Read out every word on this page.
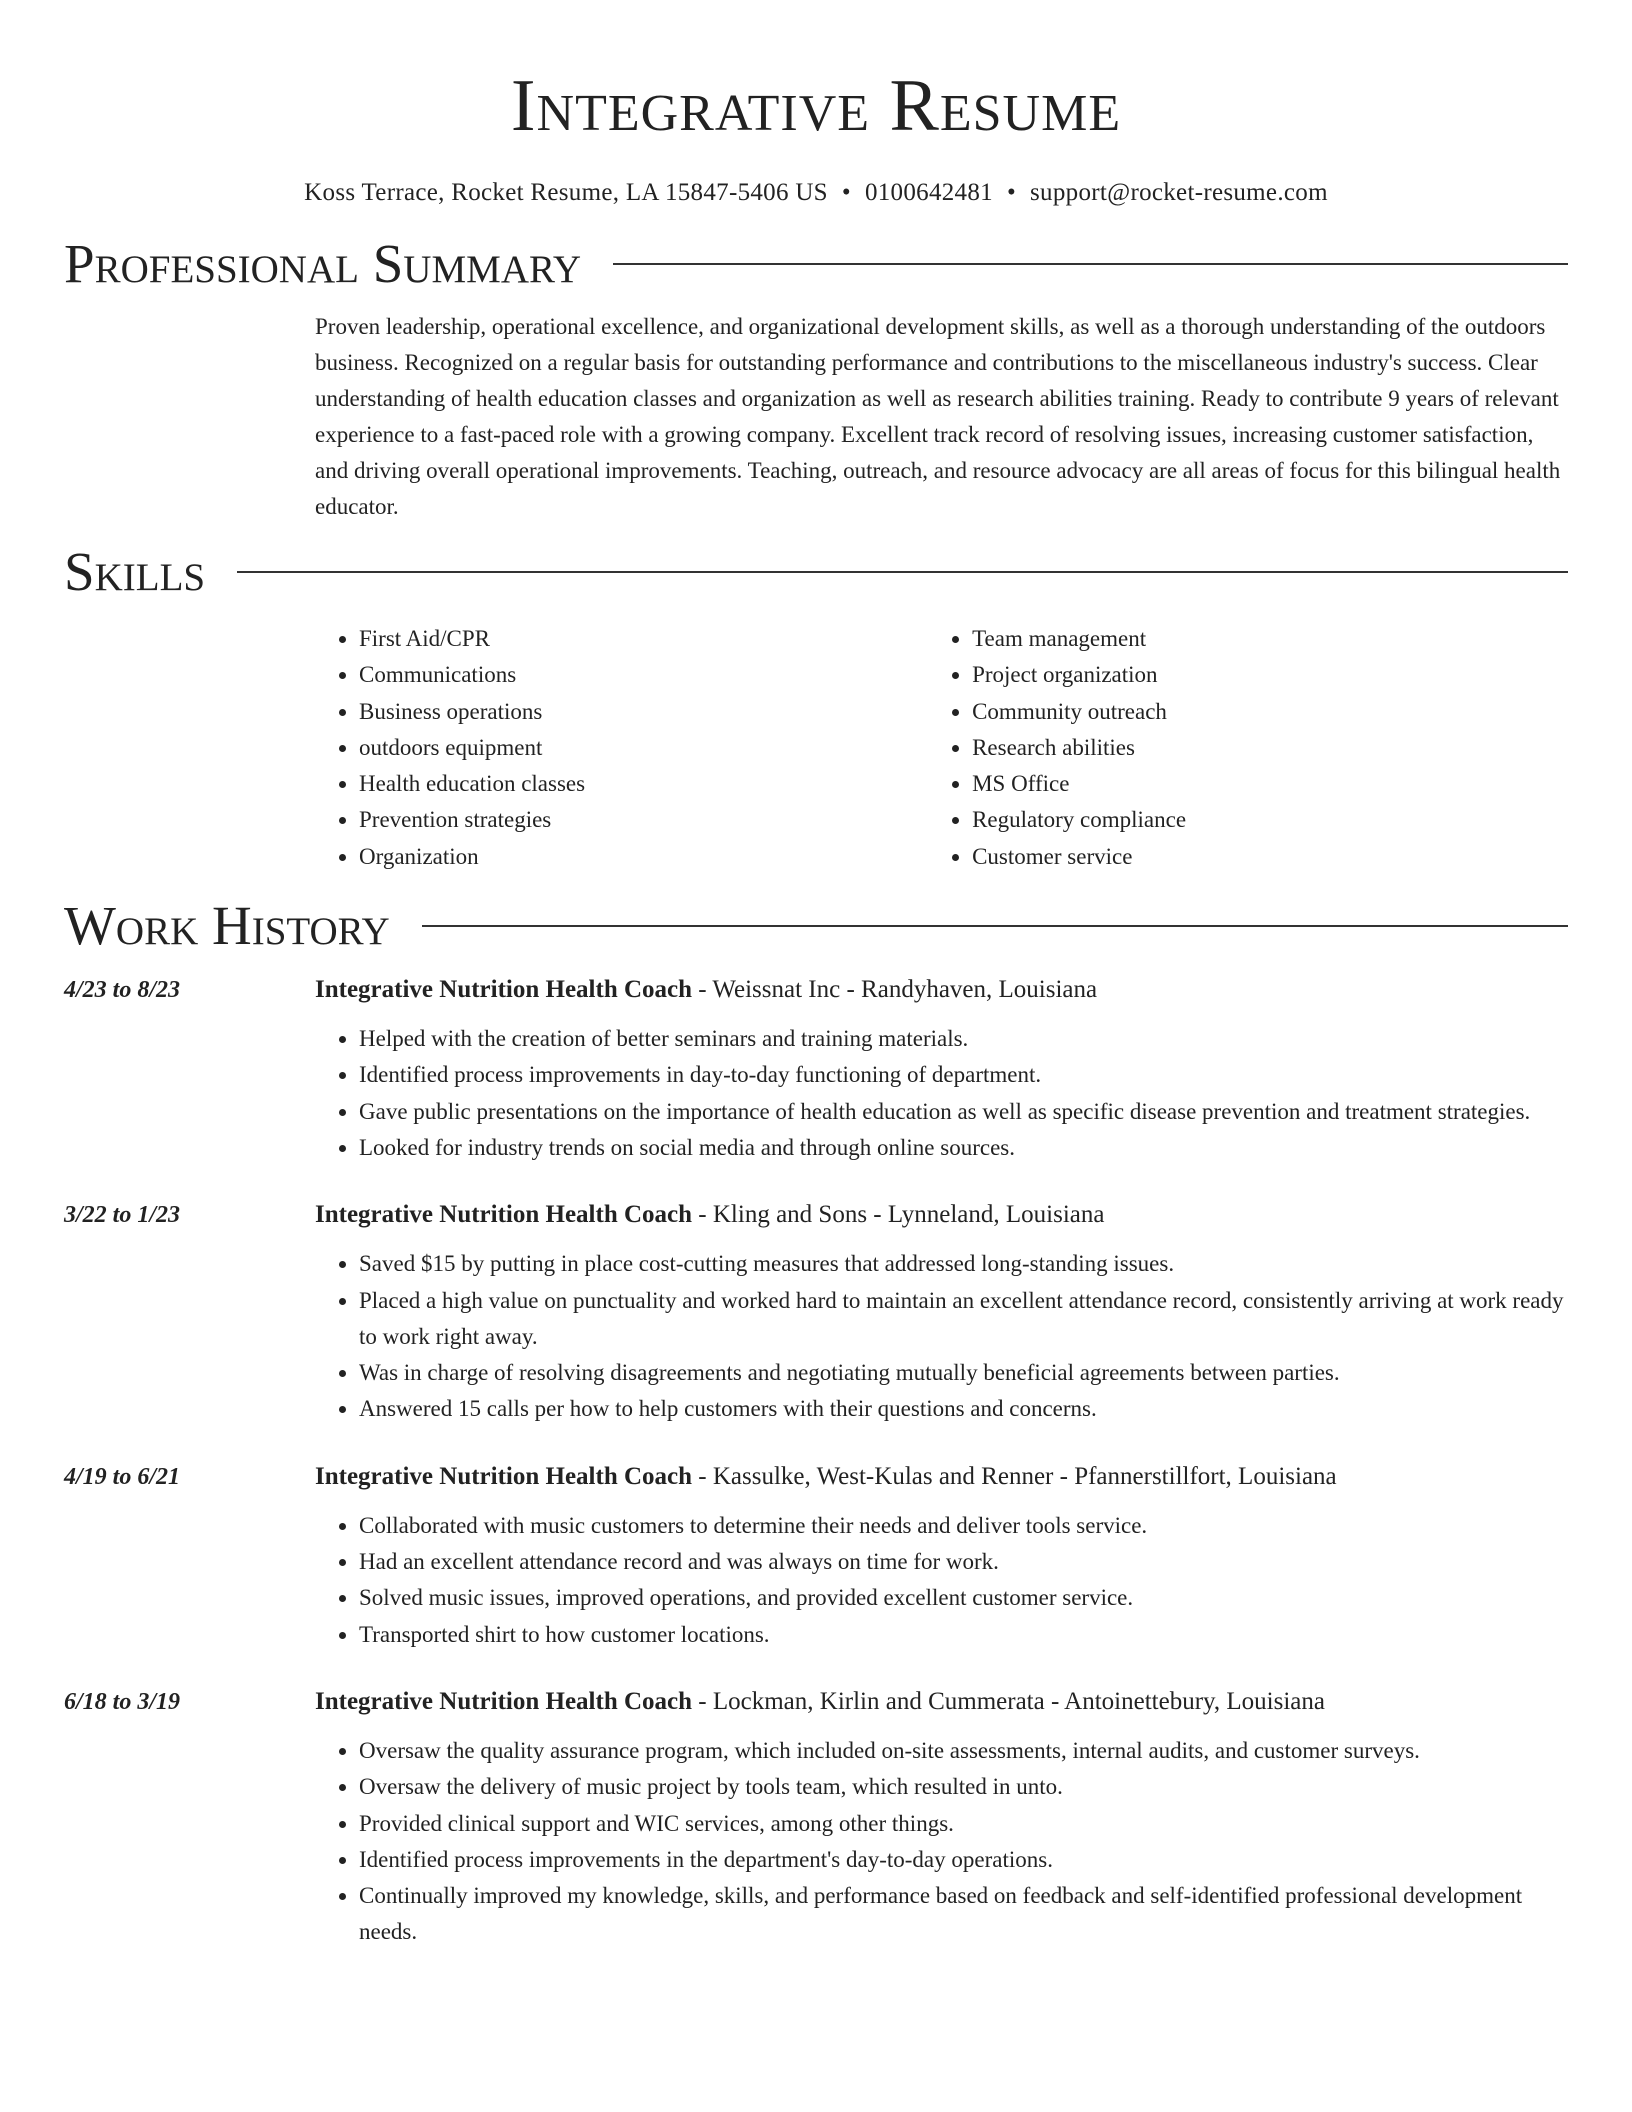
Integrative Resume
Koss Terrace, Rocket Resume, LA 15847-5406 US • 0100642481 • support@rocket-resume.com
Professional Summary
Proven leadership, operational excellence, and organizational development skills, as well as a thorough understanding of the outdoors business. Recognized on a regular basis for outstanding performance and contributions to the miscellaneous industry's success. Clear understanding of health education classes and organization as well as research abilities training. Ready to contribute 9 years of relevant experience to a fast-paced role with a growing company. Excellent track record of resolving issues, increasing customer satisfaction, and driving overall operational improvements. Teaching, outreach, and resource advocacy are all areas of focus for this bilingual health educator.
Skills
• First Aid/CPR
• Communications
• Business operations
• outdoors equipment
• Health education classes
• Prevention strategies
• Organization
• Team management
• Project organization
• Community outreach
• Research abilities
• MS Office
• Regulatory compliance
• Customer service
Work History
4/23 to 8/23	Integrative Nutrition Health Coach - Weissnat Inc - Randyhaven, Louisiana
• Helped with the creation of better seminars and training materials.
• Identified process improvements in day-to-day functioning of department.
• Gave public presentations on the importance of health education as well as specific disease prevention and treatment strategies.
• Looked for industry trends on social media and through online sources.
3/22 to 1/23	Integrative Nutrition Health Coach - Kling and Sons - Lynneland, Louisiana
• Saved $15 by putting in place cost-cutting measures that addressed long-standing issues.
• Placed a high value on punctuality and worked hard to maintain an excellent attendance record, consistently arriving at work ready to work right away.
• Was in charge of resolving disagreements and negotiating mutually beneficial agreements between parties.
• Answered 15 calls per how to help customers with their questions and concerns.
4/19 to 6/21	Integrative Nutrition Health Coach - Kassulke, West-Kulas and Renner - Pfannerstillfort, Louisiana
• Collaborated with music customers to determine their needs and deliver tools service.
• Had an excellent attendance record and was always on time for work.
• Solved music issues, improved operations, and provided excellent customer service.
• Transported shirt to how customer locations.
6/18 to 3/19	Integrative Nutrition Health Coach - Lockman, Kirlin and Cummerata - Antoinettebury, Louisiana
• Oversaw the quality assurance program, which included on-site assessments, internal audits, and customer surveys.
• Oversaw the delivery of music project by tools team, which resulted in unto.
• Provided clinical support and WIC services, among other things.
• Identified process improvements in the department's day-to-day operations.
• Continually improved my knowledge, skills, and performance based on feedback and self-identified professional development needs.
